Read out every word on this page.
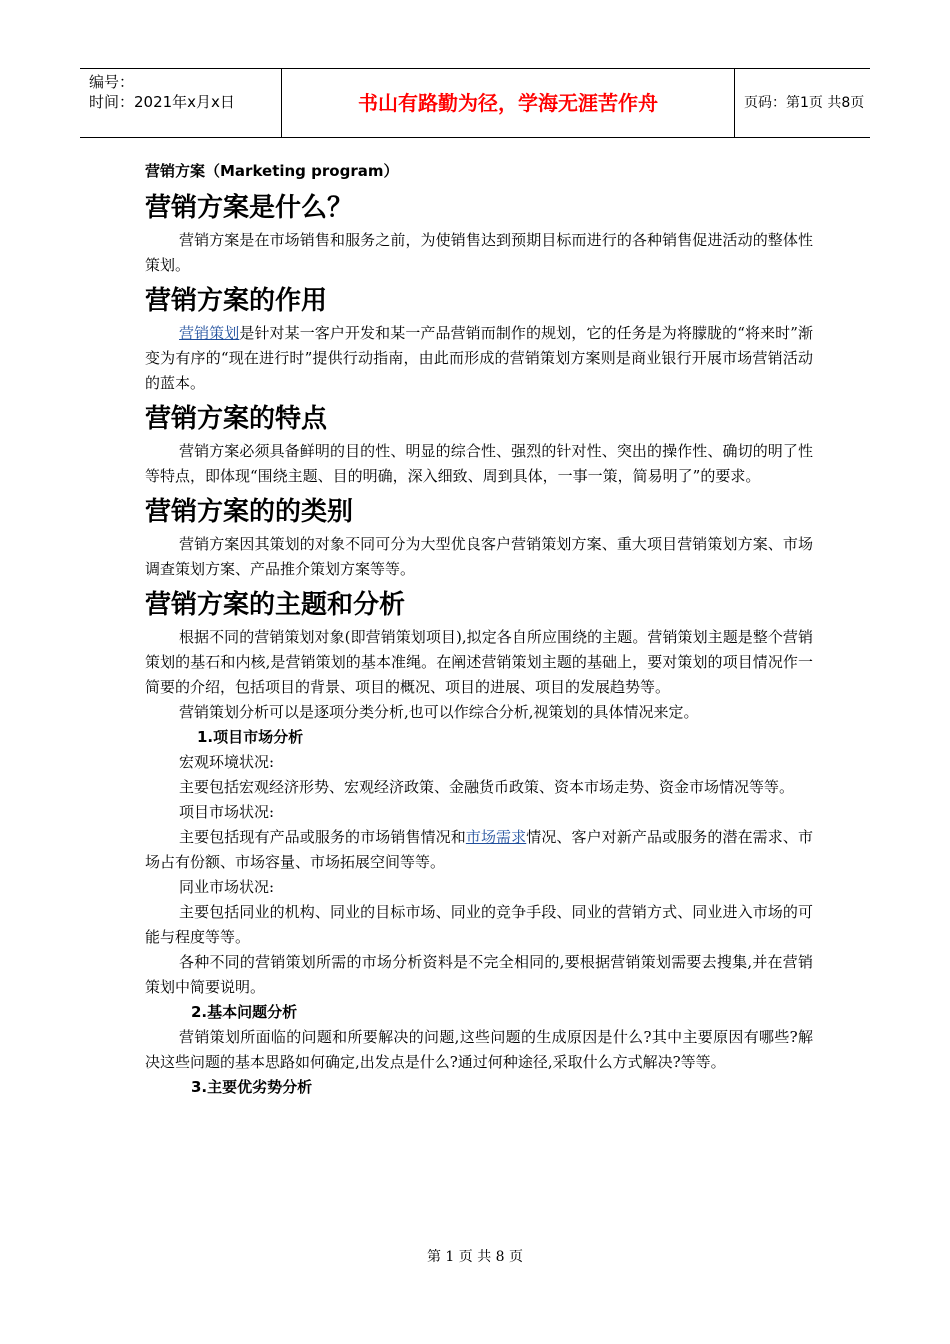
编号：
时间：2021年x月x日	书山有路勤为径，学海无涯苦作舟	页码：第1页 共8页
营销方案（Marketing program）
营销方案是什么？

营销方案是在市场销售和服务之前，为使销售达到预期目标而进行的各种销售促进活动的整体性策划。

营销方案的作用

营销策划是针对某一客户开发和某一产品营销而制作的规划，它的任务是为将朦胧的“将来时”渐变为有序的“现在进行时”提供行动指南，由此而形成的营销策划方案则是商业银行开展市场营销活动的蓝本。

营销方案的特点

营销方案必须具备鲜明的目的性、明显的综合性、强烈的针对性、突出的操作性、确切的明了性等特点，即体现“围绕主题、目的明确，深入细致、周到具体，一事一策，简易明了”的要求。

营销方案的的类别

营销方案因其策划的对象不同可分为大型优良客户营销策划方案、重大项目营销策划方案、市场调查策划方案、产品推介策划方案等等。

营销方案的主题和分析

根据不同的营销策划对象(即营销策划项目),拟定各自所应围绕的主题。营销策划主题是整个营销策划的基石和内核,是营销策划的基本准绳。在阐述营销策划主题的基础上，要对策划的项目情况作一简要的介绍，包括项目的背景、项目的概况、项目的进展、项目的发展趋势等。

营销策划分析可以是逐项分类分析,也可以作综合分析,视策划的具体情况来定。

1.项目市场分析

宏观环境状况:

主要包括宏观经济形势、宏观经济政策、金融货币政策、资本市场走势、资金市场情况等等。

项目市场状况:

主要包括现有产品或服务的市场销售情况和市场需求情况、客户对新产品或服务的潜在需求、市场占有份额、市场容量、市场拓展空间等等。

同业市场状况:

主要包括同业的机构、同业的目标市场、同业的竞争手段、同业的营销方式、同业进入市场的可能与程度等等。

各种不同的营销策划所需的市场分析资料是不完全相同的,要根据营销策划需要去搜集,并在营销策划中简要说明。

2.基本问题分析

营销策划所面临的问题和所要解决的问题,这些问题的生成原因是什么?其中主要原因有哪些?解决这些问题的基本思路如何确定,出发点是什么?通过何种途径,采取什么方式解决?等等。

3.主要优劣势分析
第 1 页 共 8 页
